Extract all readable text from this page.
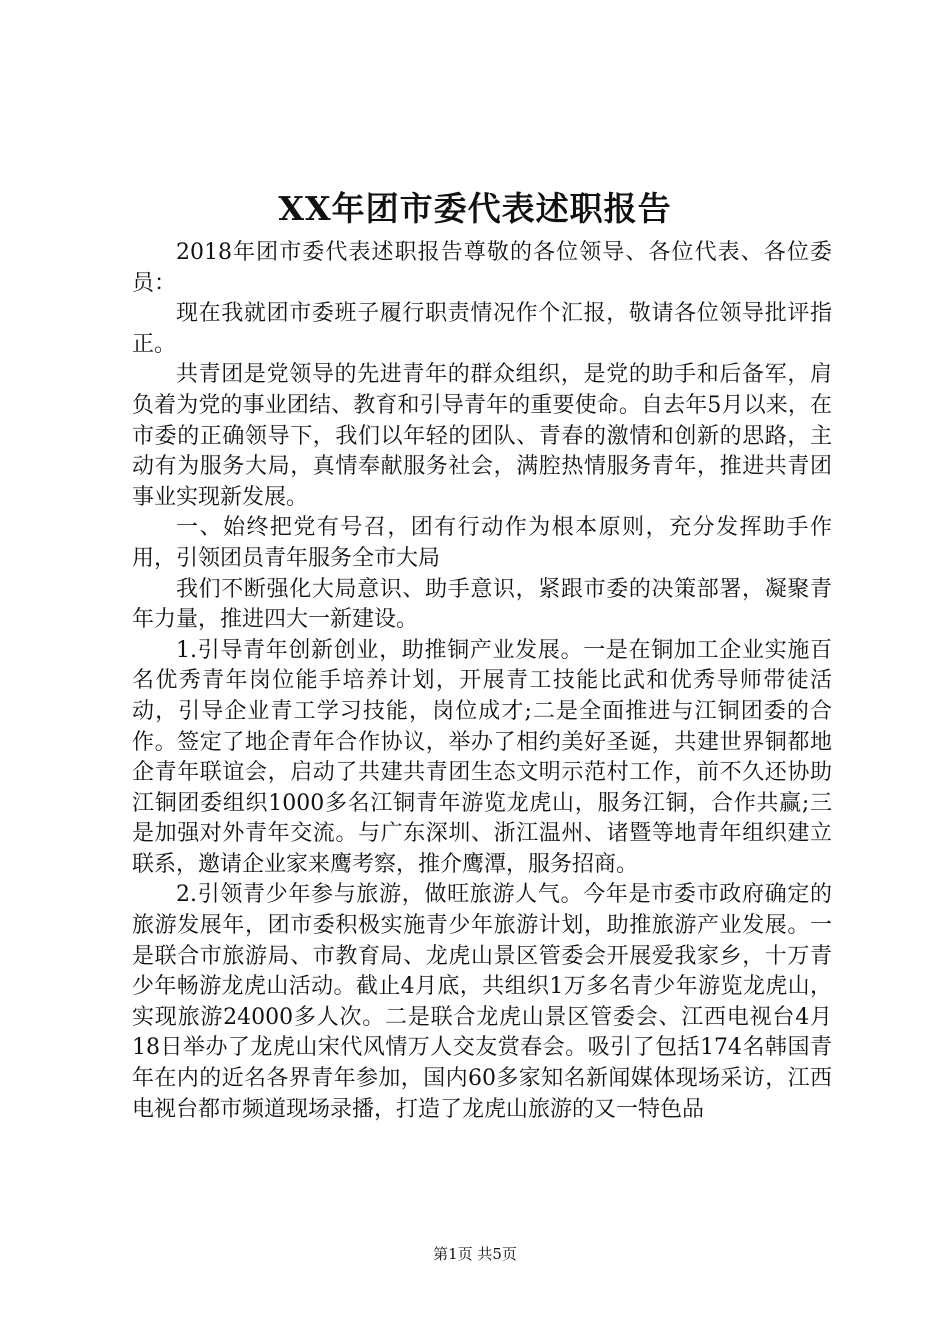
XX年团市委代表述职报告

2018年团市委代表述职报告尊敬的各位领导、各位代表、各位委员：

现在我就团市委班子履行职责情况作个汇报，敬请各位领导批评指正。

共青团是党领导的先进青年的群众组织，是党的助手和后备军，肩负着为党的事业团结、教育和引导青年的重要使命。自去年5月以来，在市委的正确领导下，我们以年轻的团队、青春的激情和创新的思路，主动有为服务大局，真情奉献服务社会，满腔热情服务青年，推进共青团事业实现新发展。

一、始终把党有号召，团有行动作为根本原则，充分发挥助手作用，引领团员青年服务全市大局

我们不断强化大局意识、助手意识，紧跟市委的决策部署，凝聚青年力量，推进四大一新建设。

1.引导青年创新创业，助推铜产业发展。一是在铜加工企业实施百名优秀青年岗位能手培养计划，开展青工技能比武和优秀导师带徒活动，引导企业青工学习技能，岗位成才;二是全面推进与江铜团委的合作。签定了地企青年合作协议，举办了相约美好圣诞，共建世界铜都地企青年联谊会，启动了共建共青团生态文明示范村工作，前不久还协助江铜团委组织1000多名江铜青年游览龙虎山，服务江铜，合作共赢;三是加强对外青年交流。与广东深圳、浙江温州、诸暨等地青年组织建立联系，邀请企业家来鹰考察，推介鹰潭，服务招商。

2.引领青少年参与旅游，做旺旅游人气。今年是市委市政府确定的旅游发展年，团市委积极实施青少年旅游计划，助推旅游产业发展。一是联合市旅游局、市教育局、龙虎山景区管委会开展爱我家乡，十万青少年畅游龙虎山活动。截止4月底，共组织1万多名青少年游览龙虎山，实现旅游24000多人次。二是联合龙虎山景区管委会、江西电视台4月18日举办了龙虎山宋代风情万人交友赏春会。吸引了包括174名韩国青年在内的近名各界青年参加，国内60多家知名新闻媒体现场采访，江西电视台都市频道现场录播，打造了龙虎山旅游的又一特色品

第1页 共5页
